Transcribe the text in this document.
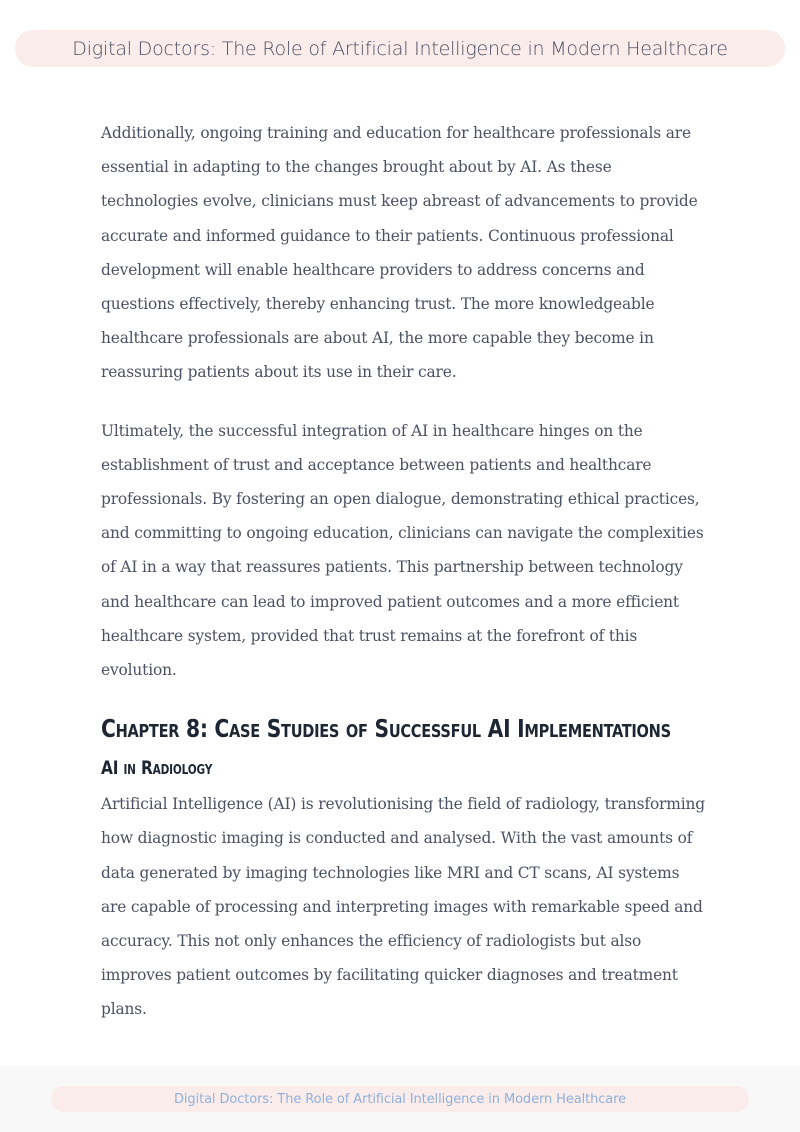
Digital Doctors: The Role of Artificial Intelligence in Modern Healthcare

Additionally, ongoing training and education for healthcare professionals are essential in adapting to the changes brought about by AI. As these technologies evolve, clinicians must keep abreast of advancements to provide accurate and informed guidance to their patients. Continuous professional development will enable healthcare providers to address concerns and questions effectively, thereby enhancing trust. The more knowledgeable healthcare professionals are about AI, the more capable they become in reassuring patients about its use in their care.

Ultimately, the successful integration of AI in healthcare hinges on the establishment of trust and acceptance between patients and healthcare professionals. By fostering an open dialogue, demonstrating ethical practices, and committing to ongoing education, clinicians can navigate the complexities of AI in a way that reassures patients. This partnership between technology and healthcare can lead to improved patient outcomes and a more efficient healthcare system, provided that trust remains at the forefront of this evolution.

Chapter 8: Case Studies of Successful AI Implementations
AI in Radiology

Artificial Intelligence (AI) is revolutionising the field of radiology, transforming how diagnostic imaging is conducted and analysed. With the vast amounts of data generated by imaging technologies like MRI and CT scans, AI systems are capable of processing and interpreting images with remarkable speed and accuracy. This not only enhances the efficiency of radiologists but also improves patient outcomes by facilitating quicker diagnoses and treatment plans.

Digital Doctors: The Role of Artificial Intelligence in Modern Healthcare
